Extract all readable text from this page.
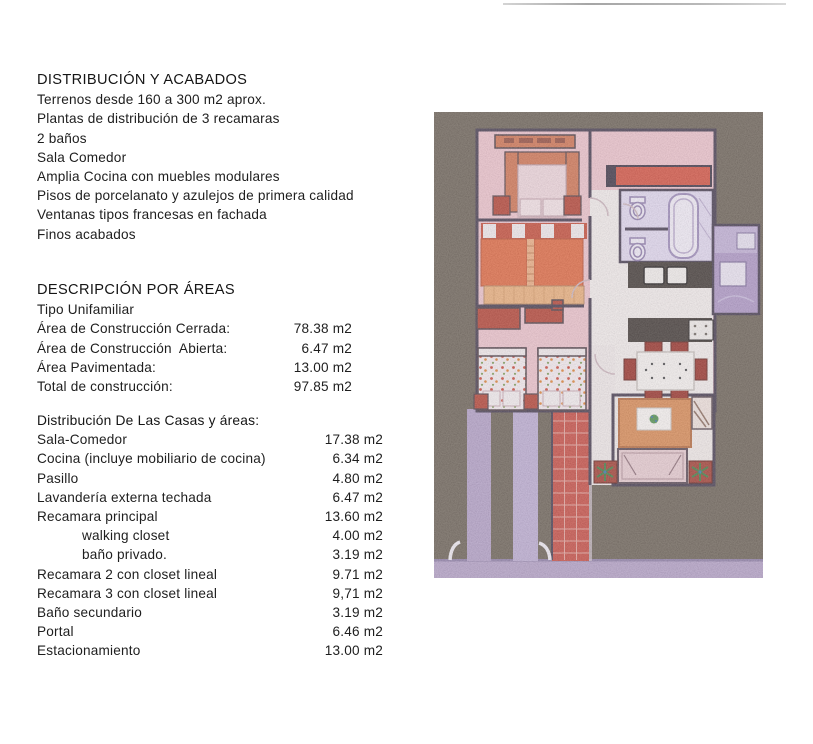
DISTRIBUCIÓN Y ACABADOS
Terrenos desde 160 a 300 m2 aprox.
Plantas de distribución de 3 recamaras
2 baños
Sala Comedor
Amplia Cocina con muebles modulares
Pisos de porcelanato y azulejos de primera calidad
Ventanas tipos francesas en fachada
Finos acabados
DESCRIPCIÓN POR ÁREAS
Tipo Unifamiliar
Área de Construcción Cerrada:	78.38 m2
Área de Construcción  Abierta:	6.47 m2
Área Pavimentada:	13.00 m2
Total de construcción:	97.85 m2
Distribución De Las Casas y áreas:
Sala-Comedor	17.38 m2
Cocina (incluye mobiliario de cocina)	6.34 m2
Pasillo	4.80 m2
Lavandería externa techada	6.47 m2
Recamara principal	13.60 m2
walking closet	4.00 m2
baño privado.	3.19 m2
Recamara 2 con closet lineal	9.71 m2
Recamara 3 con closet lineal	9,71 m2
Baño secundario	3.19 m2
Portal	6.46 m2
Estacionamiento	13.00 m2
